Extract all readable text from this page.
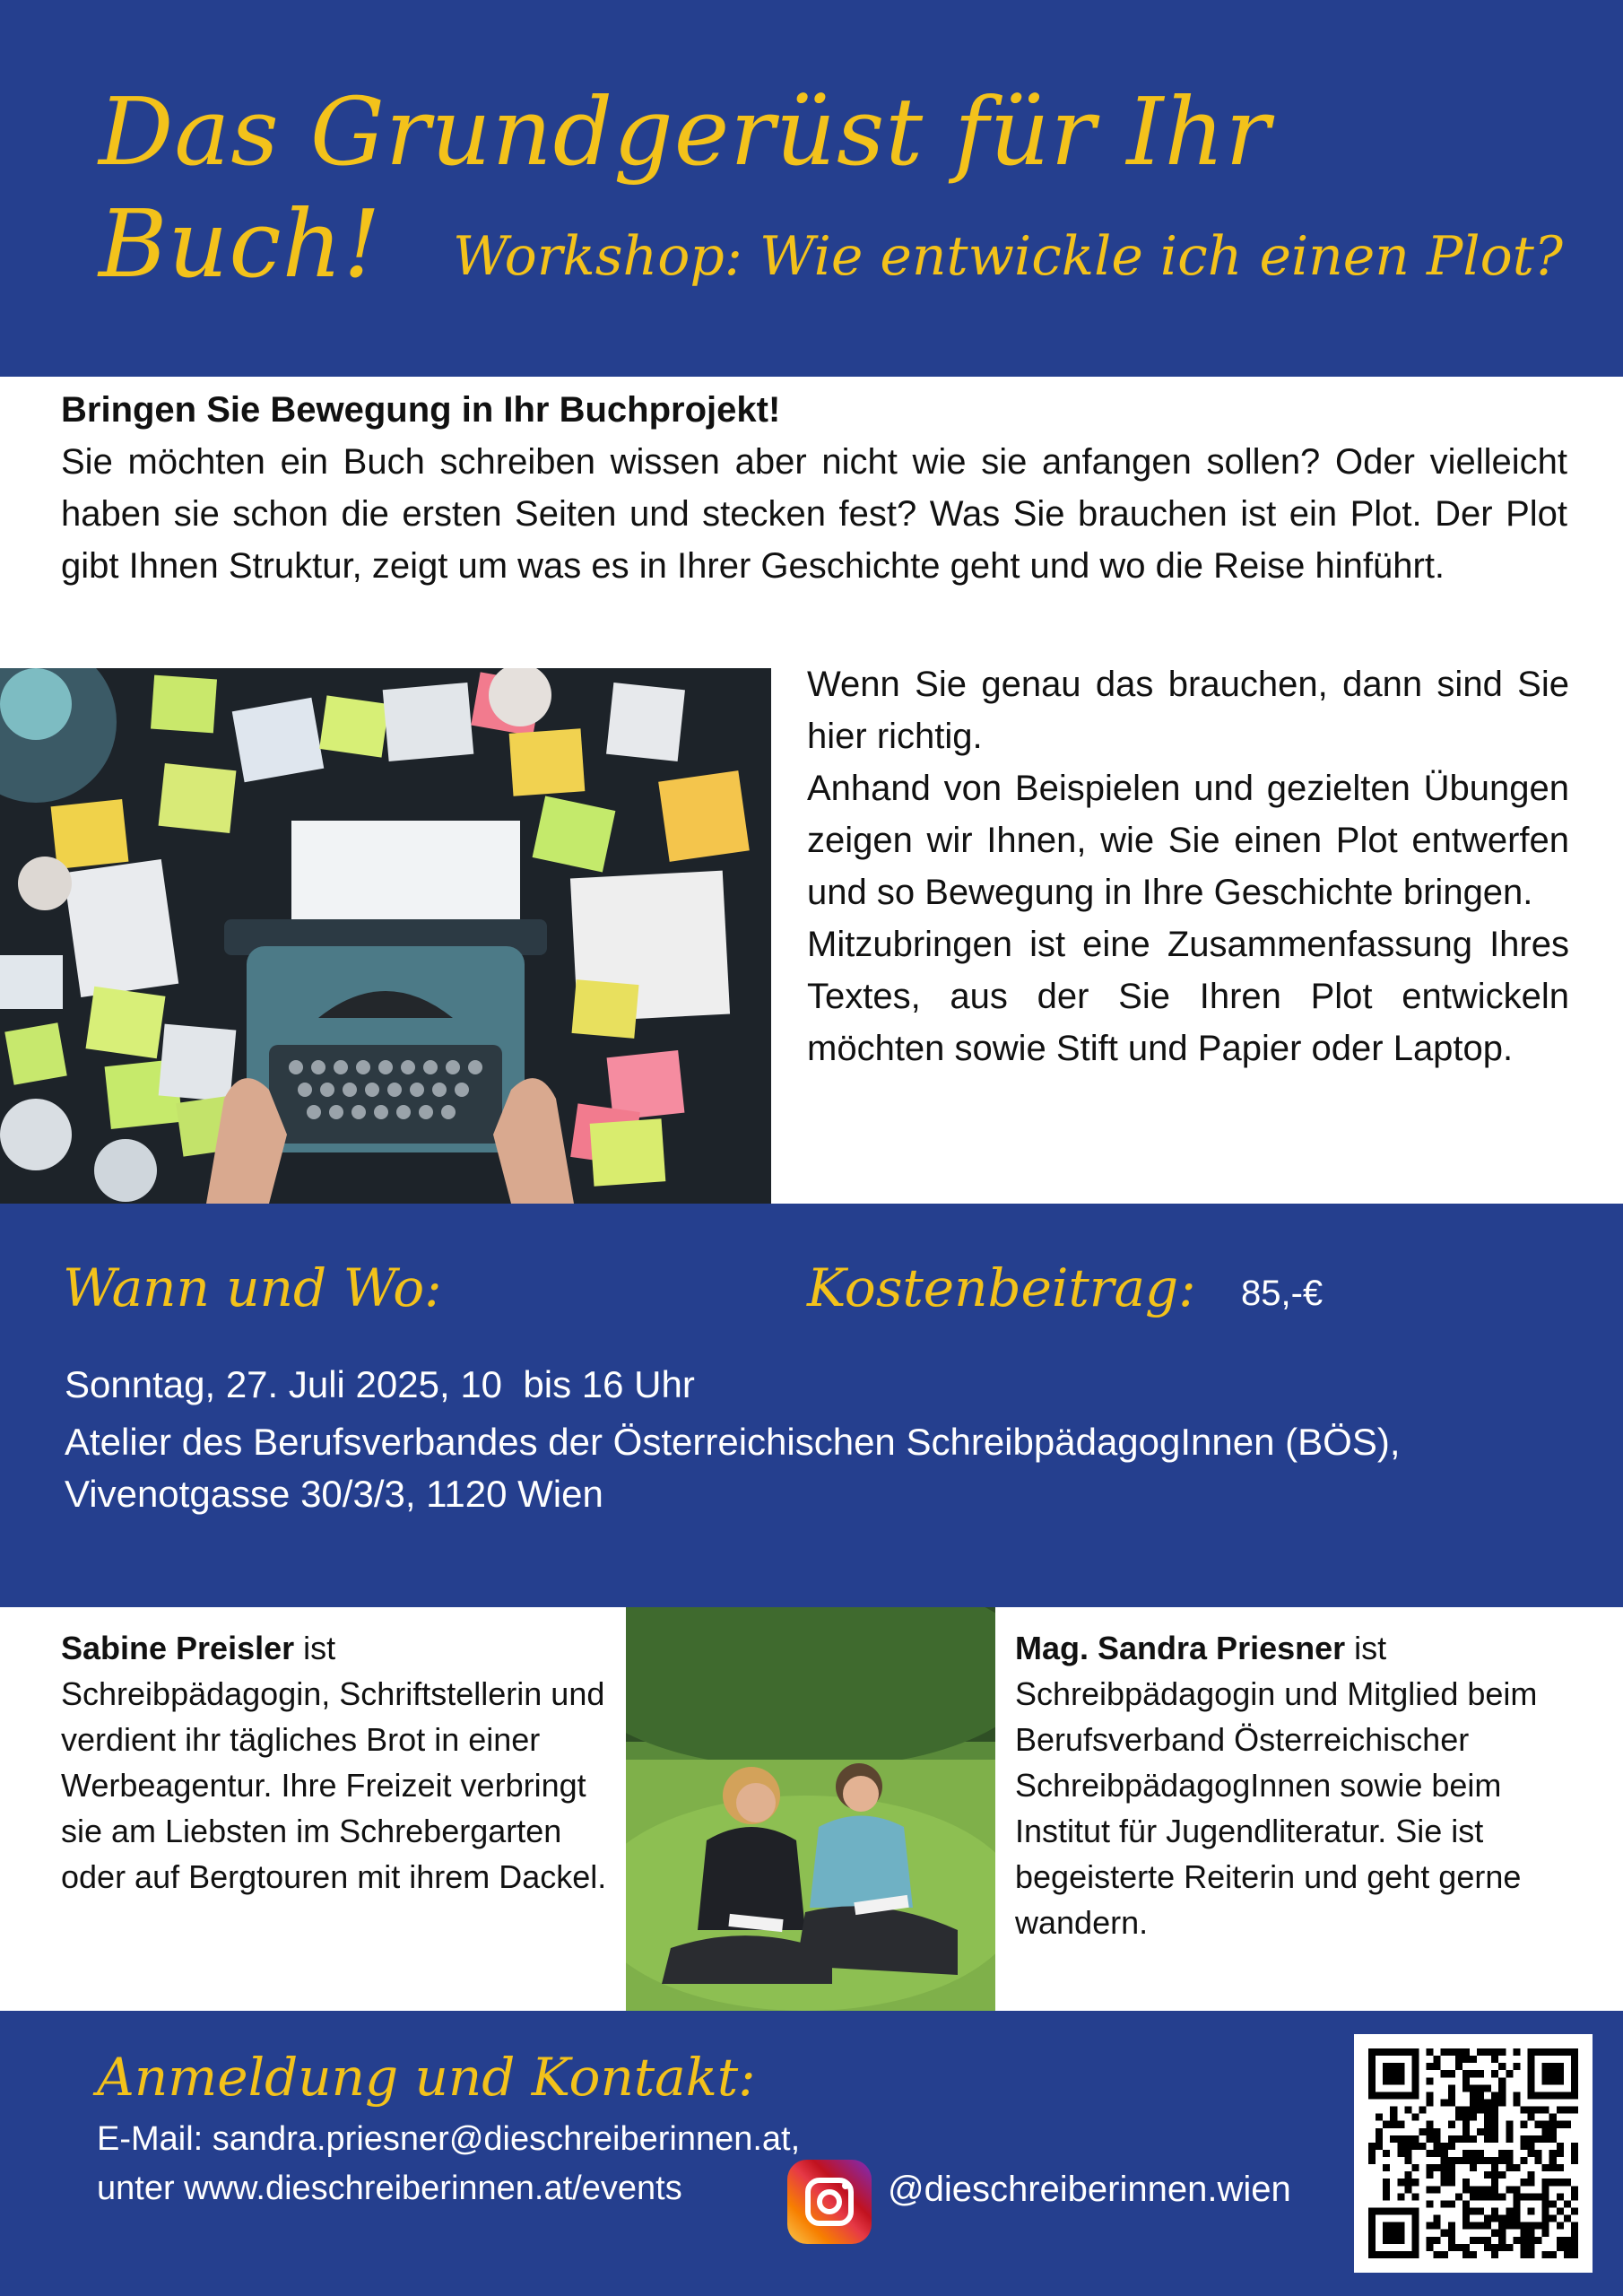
Das Grundgerüst für Ihr Buch!	Workshop: Wie entwickle ich einen Plot?
Bringen Sie Bewegung in Ihr Buchprojekt!
Sie möchten ein Buch schreiben wissen aber nicht wie sie anfangen sollen? Oder vielleicht haben sie schon die ersten Seiten und stecken fest? Was Sie brauchen ist ein Plot. Der Plot gibt Ihnen Struktur, zeigt um was es in Ihrer Geschichte geht und wo die Reise hinführt.

Wenn Sie genau das brauchen, dann sind Sie hier richtig.

Anhand von Beispielen und gezielten Übungen zeigen wir Ihnen, wie Sie einen Plot entwerfen und so Bewegung in Ihre Geschichte bringen.

Mitzubringen ist eine Zusammenfassung Ihres Textes, aus der Sie Ihren Plot entwickeln möchten sowie Stift und Papier oder Laptop.

Wann und Wo:	Kostenbeitrag: 85,-€
Sonntag, 27. Juli 2025, 10  bis 16 Uhr
Atelier des Berufsverbandes der Österreichischen SchreibpädagogInnen (BÖS), Vivenotgasse 30/3/3, 1120 Wien
Sabine Preisler ist Schreibpädagogin, Schriftstellerin und verdient ihr tägliches Brot in einer Werbeagentur. Ihre Freizeit verbringt sie am Liebsten im Schrebergarten oder auf Bergtouren mit ihrem Dackel.
Mag. Sandra Priesner ist Schreibpädagogin und Mitglied beim Berufsverband Österreichischer SchreibpädagogInnen sowie beim Institut für Jugendliteratur. Sie ist begeisterte Reiterin und geht gerne wandern.
Anmeldung und Kontakt:
E-Mail: sandra.priesner@dieschreiberinnen.at,
unter www.dieschreiberinnen.at/events	@dieschreiberinnen.wien
